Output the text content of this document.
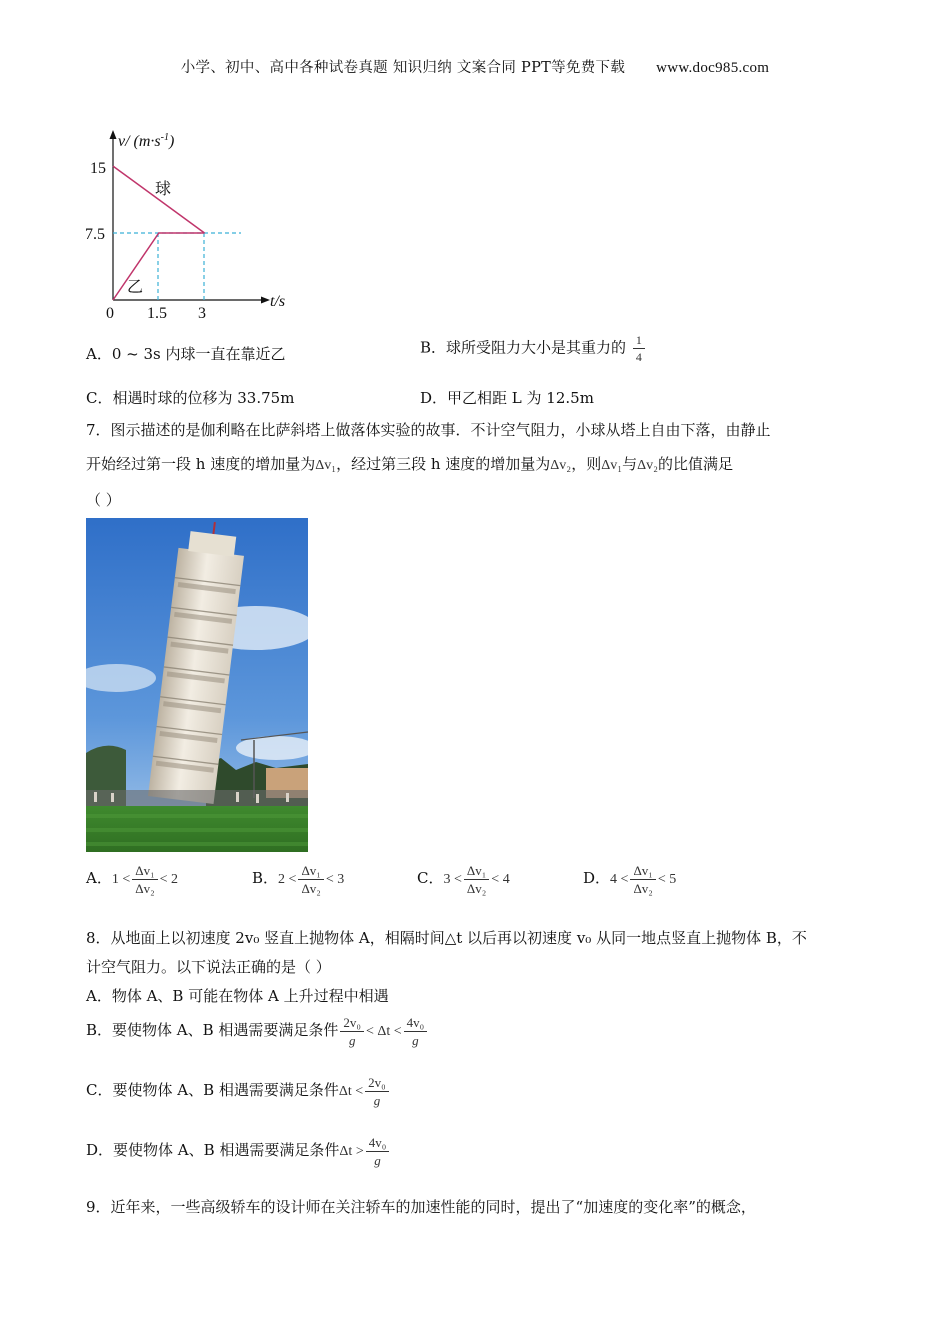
小学、初中、高中各种试卷真题 知识归纳 文案合同 PPT等免费下载 www.doc985.com
v/ $(m\cdot s^{-1})$
t/s
球
乙
15
7.5
0 1.5 3
A．0 ~ 3s 内球一直在靠近乙	B．球所受阻力大小是其重力的 $\frac{1}{4}$
C．相遇时球的位移为 33.75m	D．甲乙相距 L 为 12.5m
7．图示描述的是伽利略在比萨斜塔上做落体实验的故事．不计空气阻力，小球从塔上自由下落，由静止
开始经过第一段 h 速度的增加量为Δv₁，经过第三段 h 速度的增加量为Δv₂，则Δv₁与Δv₂的比值满足
（ ）
A．$1 < \frac{\text{Δv₁}}{\text{Δv₂}} < 2$	B．$2 < \frac{\text{Δv₁}}{\text{Δv₂}} < 3$	C．$3 < \frac{\text{Δv₁}}{\text{Δv₂}} < 4$	D．$4 < \frac{\text{Δv₁}}{\text{Δv₂}} < 5$
8．从地面上以初速度 2v₀ 竖直上抛物体 A，相隔时间△t 以后再以初速度 v₀ 从同一地点竖直上抛物体 B，不
计空气阻力。以下说法正确的是（ ）
A．物体 A、B 可能在物体 A 上升过程中相遇
B．要使物体 A、B 相遇需要满足条件 $\frac{\text{2v₀}}{g} < \Delta t < \frac{\text{4v₀}}{g}$
C．要使物体 A、B 相遇需要满足条件$\Delta t < \frac{\text{2v₀}}{g}$
D．要使物体 A、B 相遇需要满足条件$\Delta t > \frac{\text{4v₀}}{g}$
9．近年来，一些高级轿车的设计师在关注轿车的加速性能的同时，提出了“加速度的变化率”的概念，
